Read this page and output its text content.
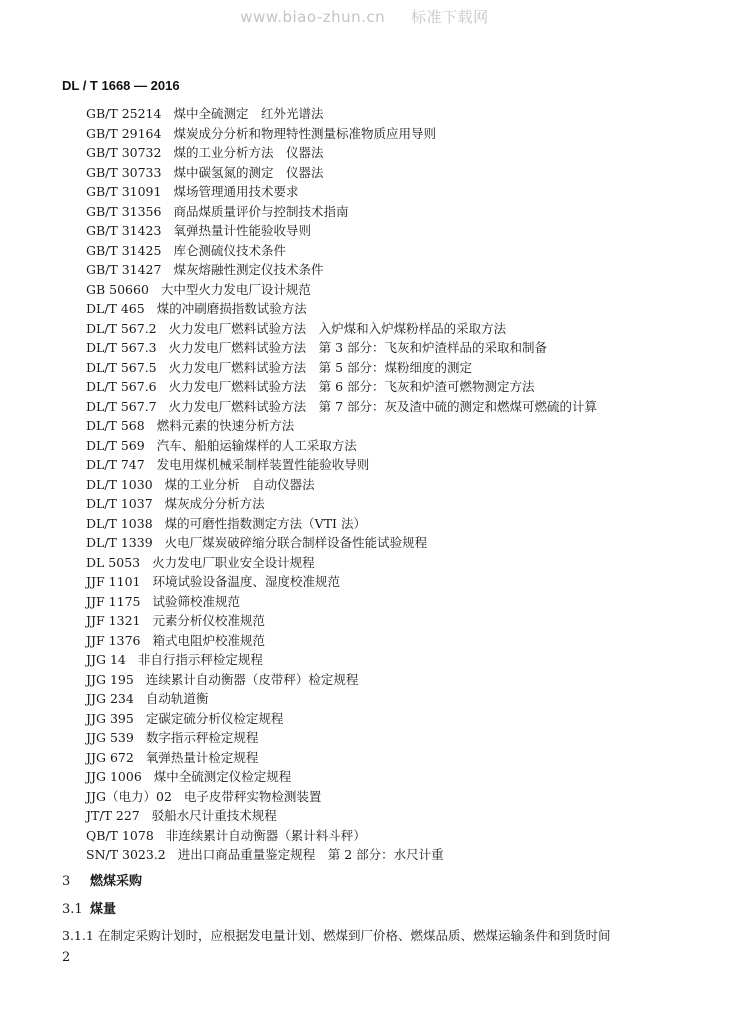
www.biao-zhun.cn 标准下载网
DL / T 1668 — 2016
GB/T 25214 煤中全硫测定　红外光谱法
GB/T 29164 煤炭成分分析和物理特性测量标准物质应用导则
GB/T 30732 煤的工业分析方法　仪器法
GB/T 30733 煤中碳氢氮的测定　仪器法
GB/T 31091 煤场管理通用技术要求
GB/T 31356 商品煤质量评价与控制技术指南
GB/T 31423 氧弹热量计性能验收导则
GB/T 31425 库仑测硫仪技术条件
GB/T 31427 煤灰熔融性测定仪技术条件
GB 50660 大中型火力发电厂设计规范
DL/T 465 煤的冲刷磨损指数试验方法
DL/T 567.2 火力发电厂燃料试验方法　入炉煤和入炉煤粉样品的采取方法
DL/T 567.3 火力发电厂燃料试验方法　第 3 部分：飞灰和炉渣样品的采取和制备
DL/T 567.5 火力发电厂燃料试验方法　第 5 部分：煤粉细度的测定
DL/T 567.6 火力发电厂燃料试验方法　第 6 部分：飞灰和炉渣可燃物测定方法
DL/T 567.7 火力发电厂燃料试验方法　第 7 部分：灰及渣中硫的测定和燃煤可燃硫的计算
DL/T 568 燃料元素的快速分析方法
DL/T 569 汽车、船舶运输煤样的人工采取方法
DL/T 747 发电用煤机械采制样装置性能验收导则
DL/T 1030 煤的工业分析　自动仪器法
DL/T 1037 煤灰成分分析方法
DL/T 1038 煤的可磨性指数测定方法（VTI 法）
DL/T 1339 火电厂煤炭破碎缩分联合制样设备性能试验规程
DL 5053 火力发电厂职业安全设计规程
JJF 1101 环境试验设备温度、湿度校准规范
JJF 1175 试验筛校准规范
JJF 1321 元素分析仪校准规范
JJF 1376 箱式电阻炉校准规范
JJG 14 非自行指示秤检定规程
JJG 195 连续累计自动衡器（皮带秤）检定规程
JJG 234 自动轨道衡
JJG 395 定碳定硫分析仪检定规程
JJG 539 数字指示秤检定规程
JJG 672 氧弹热量计检定规程
JJG 1006 煤中全硫测定仪检定规程
JJG（电力）02 电子皮带秤实物检测装置
JT/T 227 驳船水尺计重技术规程
QB/T 1078 非连续累计自动衡器（累计料斗秤）
SN/T 3023.2 进出口商品重量鉴定规程　第 2 部分：水尺计重
3 燃煤采购
3.1 煤量
3.1.1 在制定采购计划时，应根据发电量计划、燃煤到厂价格、燃煤品质、燃煤运输条件和到货时间
2
